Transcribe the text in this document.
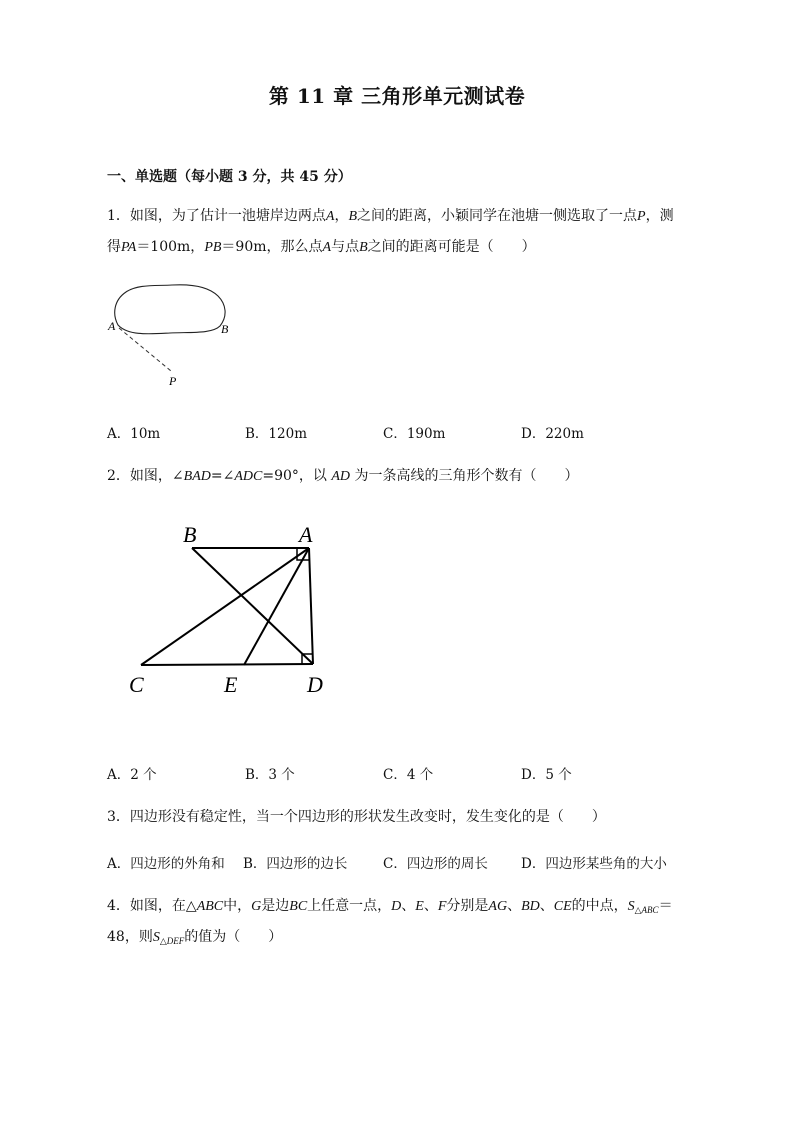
第 11 章 三角形单元测试卷
一、单选题（每小题 3 分，共 45 分）
1．如图，为了估计一池塘岸边两点A，B之间的距离，小颖同学在池塘一侧选取了一点P，测
得PA＝100m，PB＝90m，那么点A与点B之间的距离可能是（　　）
A	B
P
A．10m	B．120m	C．190m	D．220m
2．如图，∠BAD=∠ADC=90°，以 AD 为一条高线的三角形个数有（　　）
B	A
C	E	D
A．2 个	B．3 个	C．4 个	D．5 个
3．四边形没有稳定性，当一个四边形的形状发生改变时，发生变化的是（　　）
A．四边形的外角和 B．四边形的边长	C．四边形的周长 D．四边形某些角的大小
4．如图，在△ABC中，G是边BC上任意一点，D、E、F分别是AG、BD、CE的中点，$S_{\triangle ABC}=$
48，则$S_{\triangle DEF}$的值为（　　）
